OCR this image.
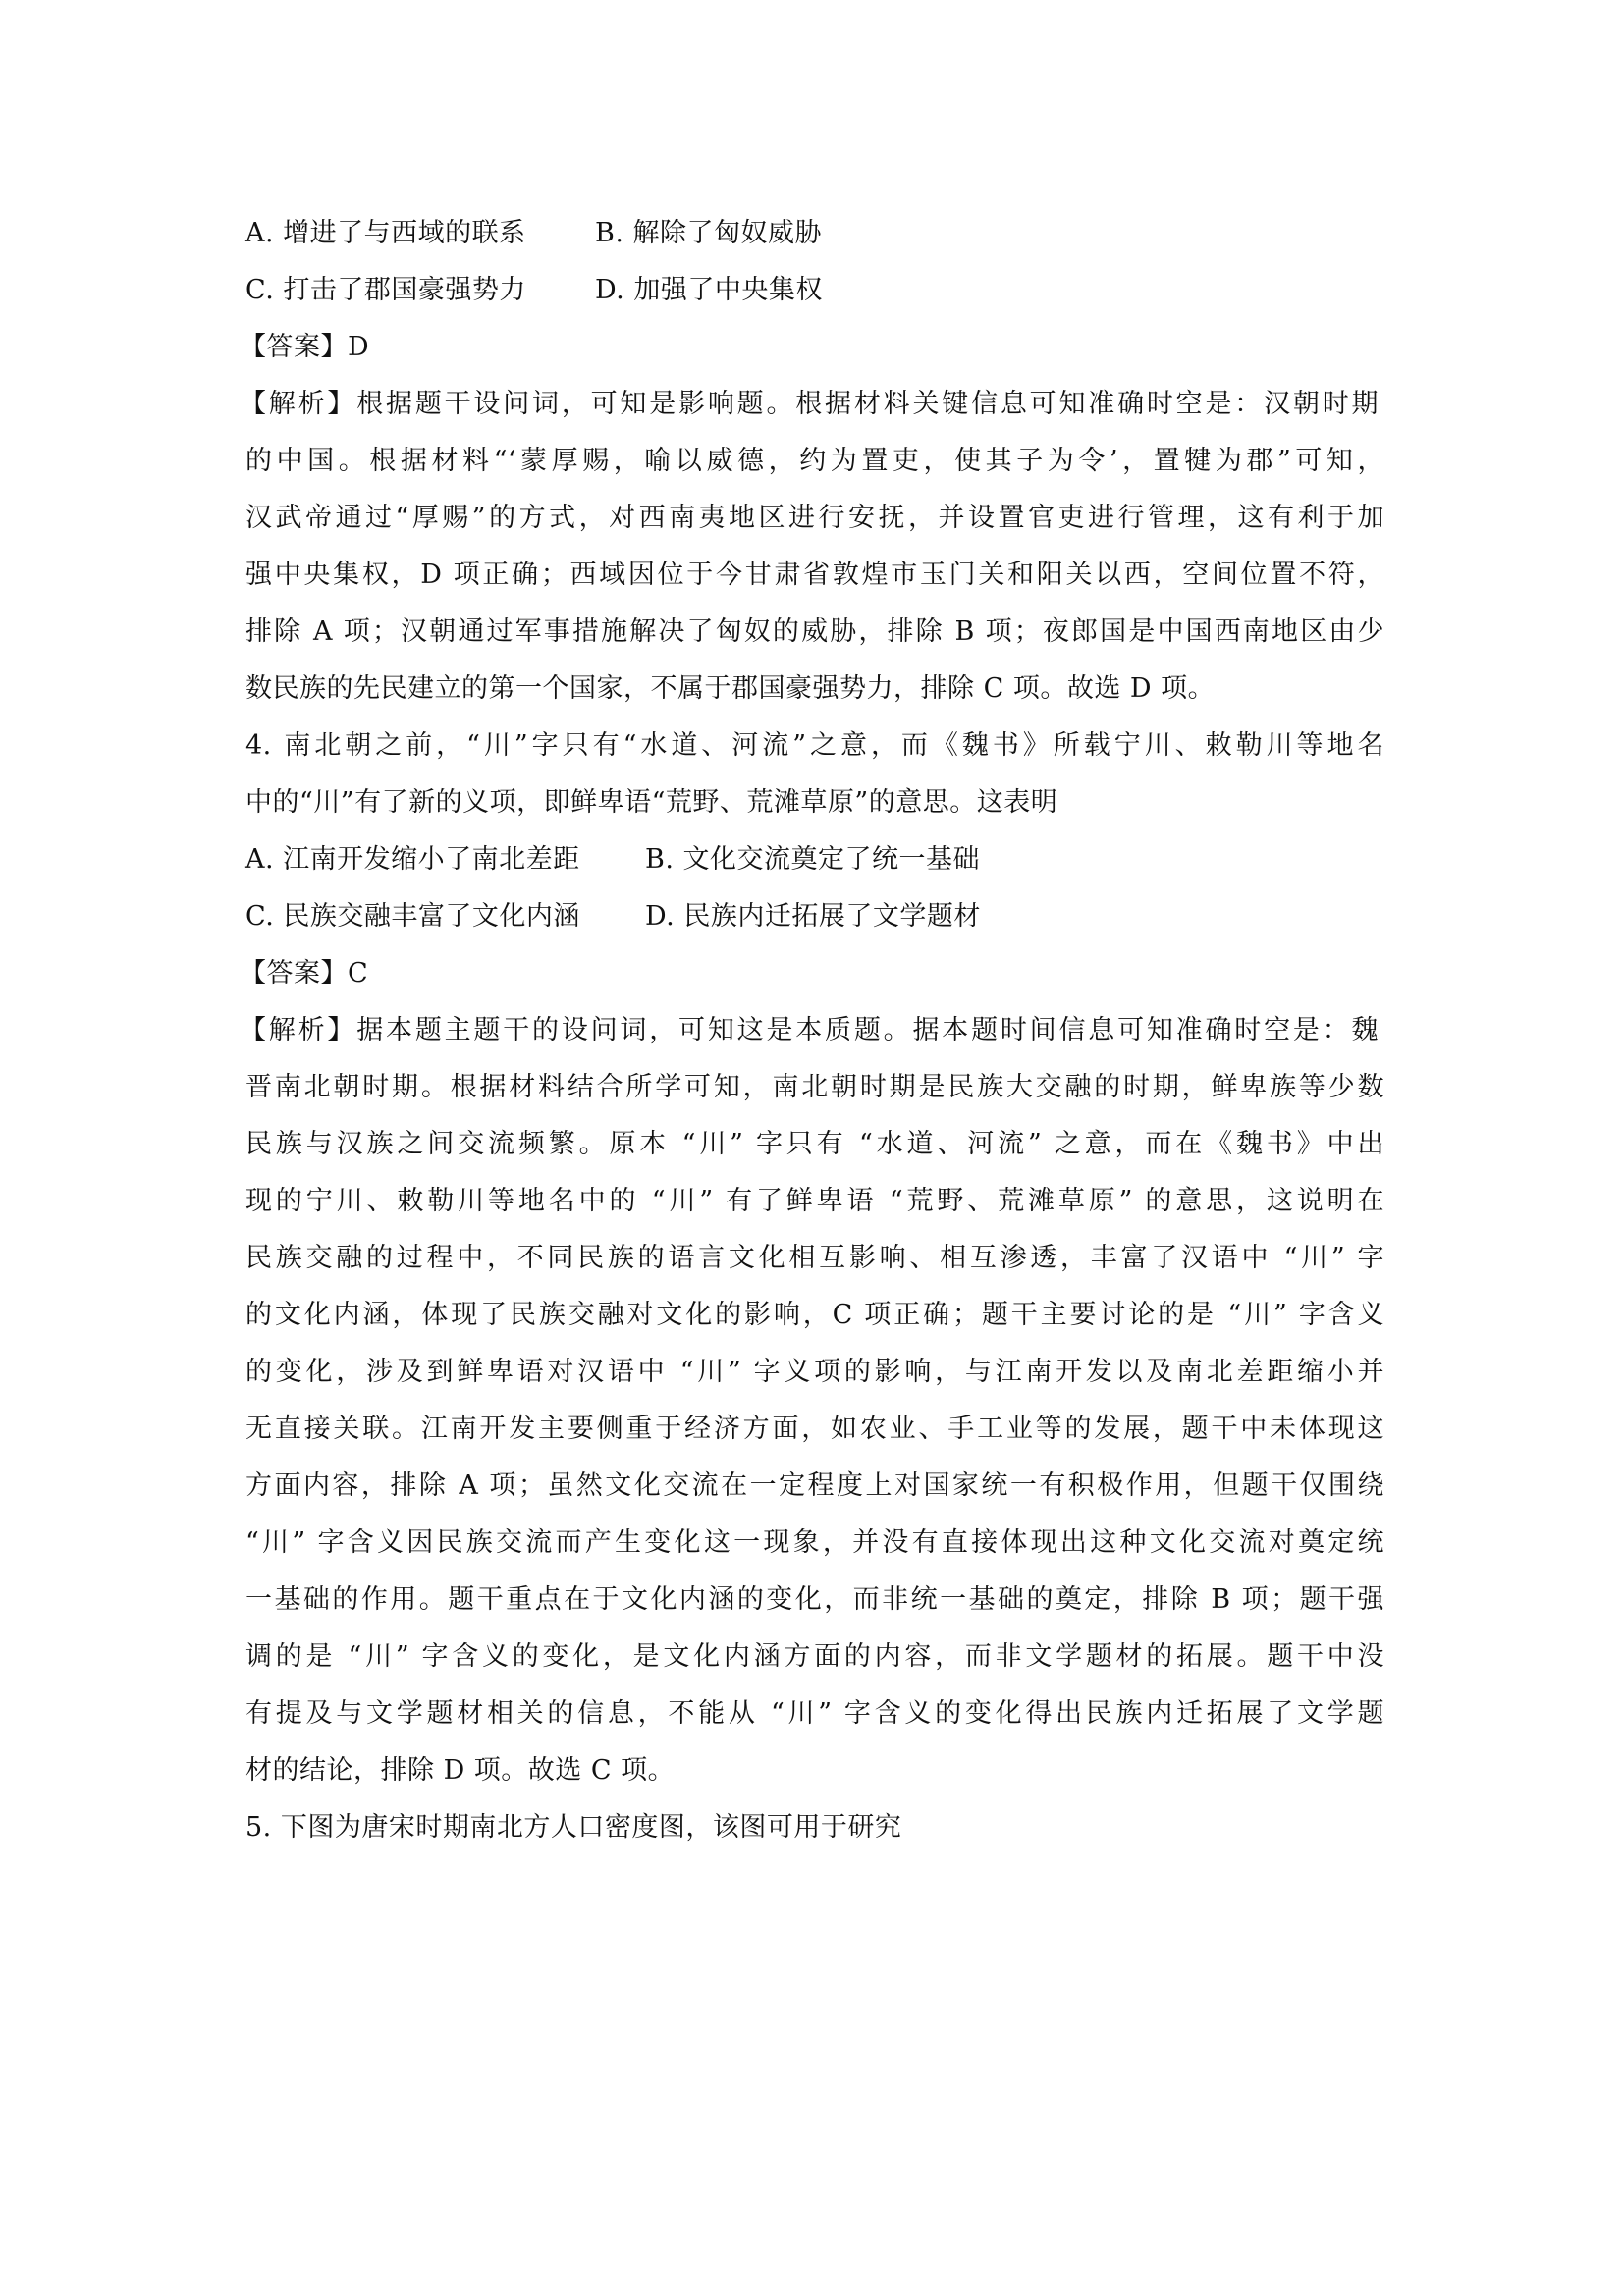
A. 增进了与西域的联系	B. 解除了匈奴威胁
C. 打击了郡国豪强势力	D. 加强了中央集权
【答案】D
【解析】根据题干设问词，可知是影响题。根据材料关键信息可知准确时空是：汉朝时期
的中国。根据材料“‘蒙厚赐，喻以威德，约为置吏，使其子为令’，置犍为郡”可知，
汉武帝通过“厚赐”的方式，对西南夷地区进行安抚，并设置官吏进行管理，这有利于加
强中央集权，D 项正确；西域因位于今甘肃省敦煌市玉门关和阳关以西，空间位置不符，
排除 A 项；汉朝通过军事措施解决了匈奴的威胁，排除 B 项；夜郎国是中国西南地区由少
数民族的先民建立的第一个国家，不属于郡国豪强势力，排除 C 项。故选 D 项。
4. 南北朝之前，“川”字只有“水道、河流”之意，而《魏书》所载宁川、敕勒川等地名
中的“川”有了新的义项，即鲜卑语“荒野、荒滩草原”的意思。这表明
A. 江南开发缩小了南北差距	B. 文化交流奠定了统一基础
C. 民族交融丰富了文化内涵	D. 民族内迁拓展了文学题材
【答案】C
【解析】据本题主题干的设问词，可知这是本质题。据本题时间信息可知准确时空是：魏
晋南北朝时期。根据材料结合所学可知，南北朝时期是民族大交融的时期，鲜卑族等少数
民族与汉族之间交流频繁。原本 “川” 字只有 “水道、河流” 之意，而在《魏书》中出
现的宁川、敕勒川等地名中的 “川” 有了鲜卑语 “荒野、荒滩草原” 的意思，这说明在
民族交融的过程中，不同民族的语言文化相互影响、相互渗透，丰富了汉语中 “川” 字
的文化内涵，体现了民族交融对文化的影响，C 项正确；题干主要讨论的是 “川” 字含义
的变化，涉及到鲜卑语对汉语中 “川” 字义项的影响，与江南开发以及南北差距缩小并
无直接关联。江南开发主要侧重于经济方面，如农业、手工业等的发展，题干中未体现这
方面内容，排除 A 项；虽然文化交流在一定程度上对国家统一有积极作用，但题干仅围绕
“川” 字含义因民族交流而产生变化这一现象，并没有直接体现出这种文化交流对奠定统
一基础的作用。题干重点在于文化内涵的变化，而非统一基础的奠定，排除 B 项；题干强
调的是 “川” 字含义的变化，是文化内涵方面的内容，而非文学题材的拓展。题干中没
有提及与文学题材相关的信息，不能从 “川” 字含义的变化得出民族内迁拓展了文学题
材的结论，排除 D 项。故选 C 项。
5. 下图为唐宋时期南北方人口密度图，该图可用于研究
